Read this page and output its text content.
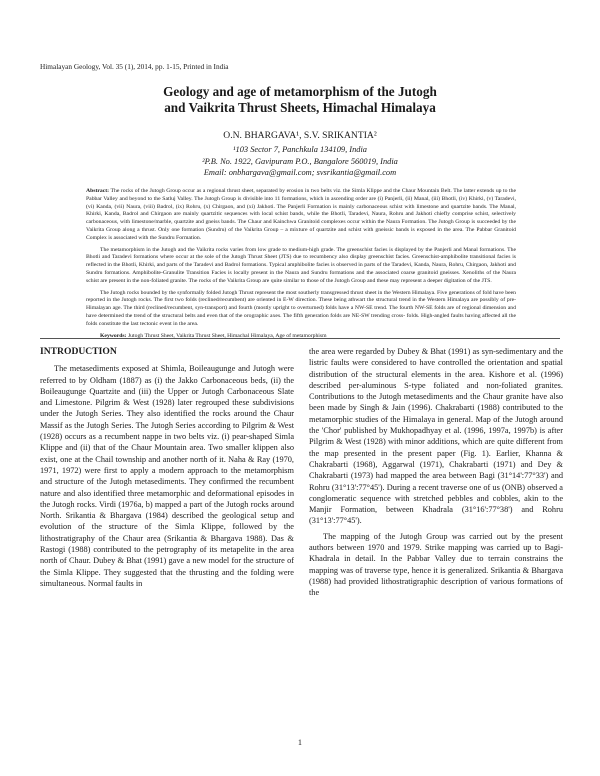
Himalayan Geology, Vol. 35 (1), 2014, pp. 1-15, Printed in India
Geology and age of metamorphism of the Jutogh
and Vaikrita Thrust Sheets, Himachal Himalaya
O.N. BHARGAVA¹, S.V. SRIKANTIA²
¹103 Sector 7, Panchkula 134109, India
²P.B. No. 1922, Gavipuram P.O., Bangalore 560019, India
Email: onbhargava@gmail.com; svsrikantia@gmail.com

Abstract: The rocks of the Jutogh Group occur as a regional thrust sheet, separated by erosion in two belts viz. the Simla Klippe and the Chaur Mountain Belt. The latter extends up to the Pabbar Valley and beyond to the Satluj Valley. The Jutogh Group is divisible into 11 formations, which in ascending order are (i) Panjerli, (ii) Manal, (iii) Bhotli, (iv) Khirki, (v) Taradevi, (vi) Kanda, (vii) Naura, (viii) Badrol, (ix) Rohru, (x) Chirgaon, and (xi) Jakhoti. The Panjerli Formation is mainly carbonaceous schist with limestone and quartzite bands. The Manal, Khirki, Kanda, Badrol and Chirgaon are mainly quartzitic sequences with local schist bands, while the Bhotli, Taradevi, Naura, Rohru and Jakhoti chiefly comprise schist, selectively carbonaceous, with limestone/marble, quartzite and gneiss bands. The Chaur and Kainchwa Granitoid complexes occur within the Naura Formation. The Jutogh Group is succeeded by the Vaikrita Group along a thrust. Only one formation (Sundru) of the Vaikrita Group – a mixture of quartzite and schist with gneissic bands is exposed in the area. The Pabbar Granitoid Complex is associated with the Sundru Formation.

The metamorphism in the Jutogh and the Vaikrita rocks varies from low grade to medium-high grade. The greenschist facies is displayed by the Panjerli and Manal formations. The Bhotli and Taradevi formations where occur at the sole of the Jutogh Thrust Sheet (JTS) due to recumbency also display greenschist facies. Greenschist-amphibolite transitional facies is reflected in the Bhotli, Khirki, and parts of the Taradevi and Badrol formations. Typical amphibolite facies is observed in parts of the Taradevi, Kanda, Naura, Rohru, Chirgaon, Jakhoti and Sundru formations. Amphibolite-Granulite Transition Facies is locally present in the Naura and Sundru formations and the associated coarse granitoid gneisses. Xenoliths of the Naura schist are present in the non-foliated granite. The rocks of the Vaikrita Group are quite similar to those of the Jutogh Group and these may represent a deeper digitation of the JTS.

The Jutogh rocks bounded by the synformally folded Jutogh Thrust represent the most southerly transgressed thrust sheet in the Western Himalaya. Five generations of fold have been reported in the Jutogh rocks. The first two folds (reclined/recumbent) are oriented in E-W direction. These being athwart the structural trend in the Western Himalaya are possibly of pre-Himalayan age. The third (reclined/recumbent, syn-transport) and fourth (mostly upright to overturned) folds have a NW-SE trend. The fourth NW-SE folds are of regional dimension and have determined the trend of the structural belts and even that of the orographic axes. The fifth generation folds are NE-SW trending cross- folds. High-angled faults having affected all the folds constitute the last tectonic event in the area.

Keywords: Jutogh Thrust Sheet, Vaikrita Thrust Sheet, Himachal Himalaya, Age of metamorphism

INTRODUCTION

The metasediments exposed at Shimla, Boileaugunge and Jutogh were referred to by Oldham (1887) as (i) the Jakko Carbonaceous beds, (ii) the Boileaugunge Quartzite and (iii) the Upper or Jutogh Carbonaceous Slate and Limestone. Pilgrim & West (1928) later regrouped these subdivisions under the Jutogh Series. They also identified the rocks around the Chaur Massif as the Jutogh Series. The Jutogh Series according to Pilgrim & West (1928) occurs as a recumbent nappe in two belts viz. (i) pear-shaped Simla Klippe and (ii) that of the Chaur Mountain area. Two smaller klippen also exist, one at the Chail township and another north of it. Naha & Ray (1970, 1971, 1972) were first to apply a modern approach to the metamorphism and structure of the Jutogh metasediments. They confirmed the recumbent nature and also identified three metamorphic and deformational episodes in the Jutogh rocks. Virdi (1976a, b) mapped a part of the Jutogh rocks around North. Srikantia & Bhargava (1984) described the geological setup and evolution of the structure of the Simla Klippe, followed by the lithostratigraphy of the Chaur area (Srikantia & Bhargava 1988). Das & Rastogi (1988) contributed to the petrography of its metapelite in the area north of Chaur. Dubey & Bhat (1991) gave a new model for the structure of the Simla Klippe. They suggested that the thrusting and the folding were simultaneous. Normal faults in

the area were regarded by Dubey & Bhat (1991) as syn-sedimentary and the listric faults were considered to have controlled the orientation and spatial distribution of the structural elements in the area. Kishore et al. (1996) described per-aluminous S-type foliated and non-foliated granites. Contributions to the Jutogh metasediments and the Chaur granite have also been made by Singh & Jain (1996). Chakrabarti (1988) contributed to the metamorphic studies of the Himalaya in general. Map of the Jutogh around the 'Chor' published by Mukhopadhyay et al. (1996, 1997a, 1997b) is after Pilgrim & West (1928) with minor additions, which are quite different from the map presented in the present paper (Fig. 1). Earlier, Khanna & Chakrabarti (1968), Aggarwal (1971), Chakrabarti (1971) and Dey & Chakrabarti (1973) had mapped the area between Bagi (31°14':77°33') and Rohru (31°13':77°45'). During a recent traverse one of us (ONB) observed a conglomeratic sequence with stretched pebbles and cobbles, akin to the Manjir Formation, between Khadrala (31°16':77°38') and Rohru (31°13':77°45').

The mapping of the Jutogh Group was carried out by the present authors between 1970 and 1979. Strike mapping was carried up to Bagi-Khadrala in detail. In the Pabbar Valley due to terrain constrains the mapping was of traverse type, hence it is generalized. Srikantia & Bhargava (1988) had provided lithostratigraphic description of various formations of the

1
